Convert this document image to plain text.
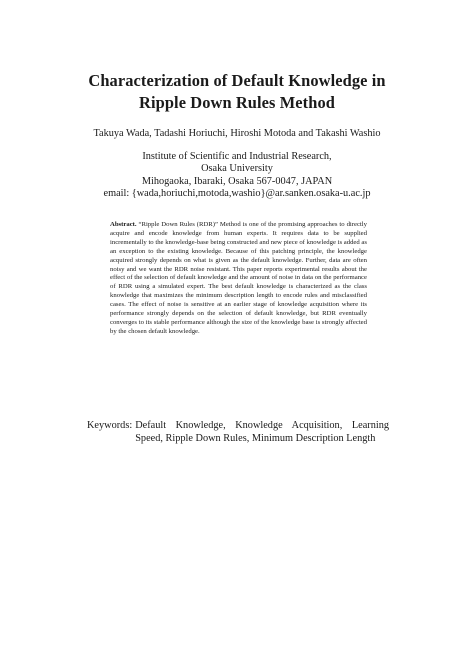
Characterization of Default Knowledge in
Ripple Down Rules Method
Takuya Wada, Tadashi Horiuchi, Hiroshi Motoda and Takashi Washio
Institute of Scientific and Industrial Research,
Osaka University
Mihogaoka, Ibaraki, Osaka 567-0047, JAPAN
email: {wada,horiuchi,motoda,washio}@ar.sanken.osaka-u.ac.jp

Abstract. “Ripple Down Rules (RDR)” Method is one of the promising approaches to directly acquire and encode knowledge from human experts. It requires data to be supplied incrementally to the knowledge-base being constructed and new piece of knowledge is added as an exception to the existing knowledge. Because of this patching principle, the knowledge acquired strongly depends on what is given as the default knowledge. Further, data are often noisy and we want the RDR noise resistant. This paper reports experimental results about the effect of the selection of default knowledge and the amount of noise in data on the performance of RDR using a simulated expert. The best default knowledge is characterized as the class knowledge that maximizes the minimum description length to encode rules and misclassified cases. The effect of noise is sensitive at an earlier stage of knowledge acquisition where its performance strongly depends on the selection of default knowledge, but RDR eventually converges to its stable performance although the size of the knowledge base is strongly affected by the chosen default knowledge.

Keywords: Default Knowledge, Knowledge Acquisition, Learning Speed, Ripple Down Rules, Minimum Description Length
